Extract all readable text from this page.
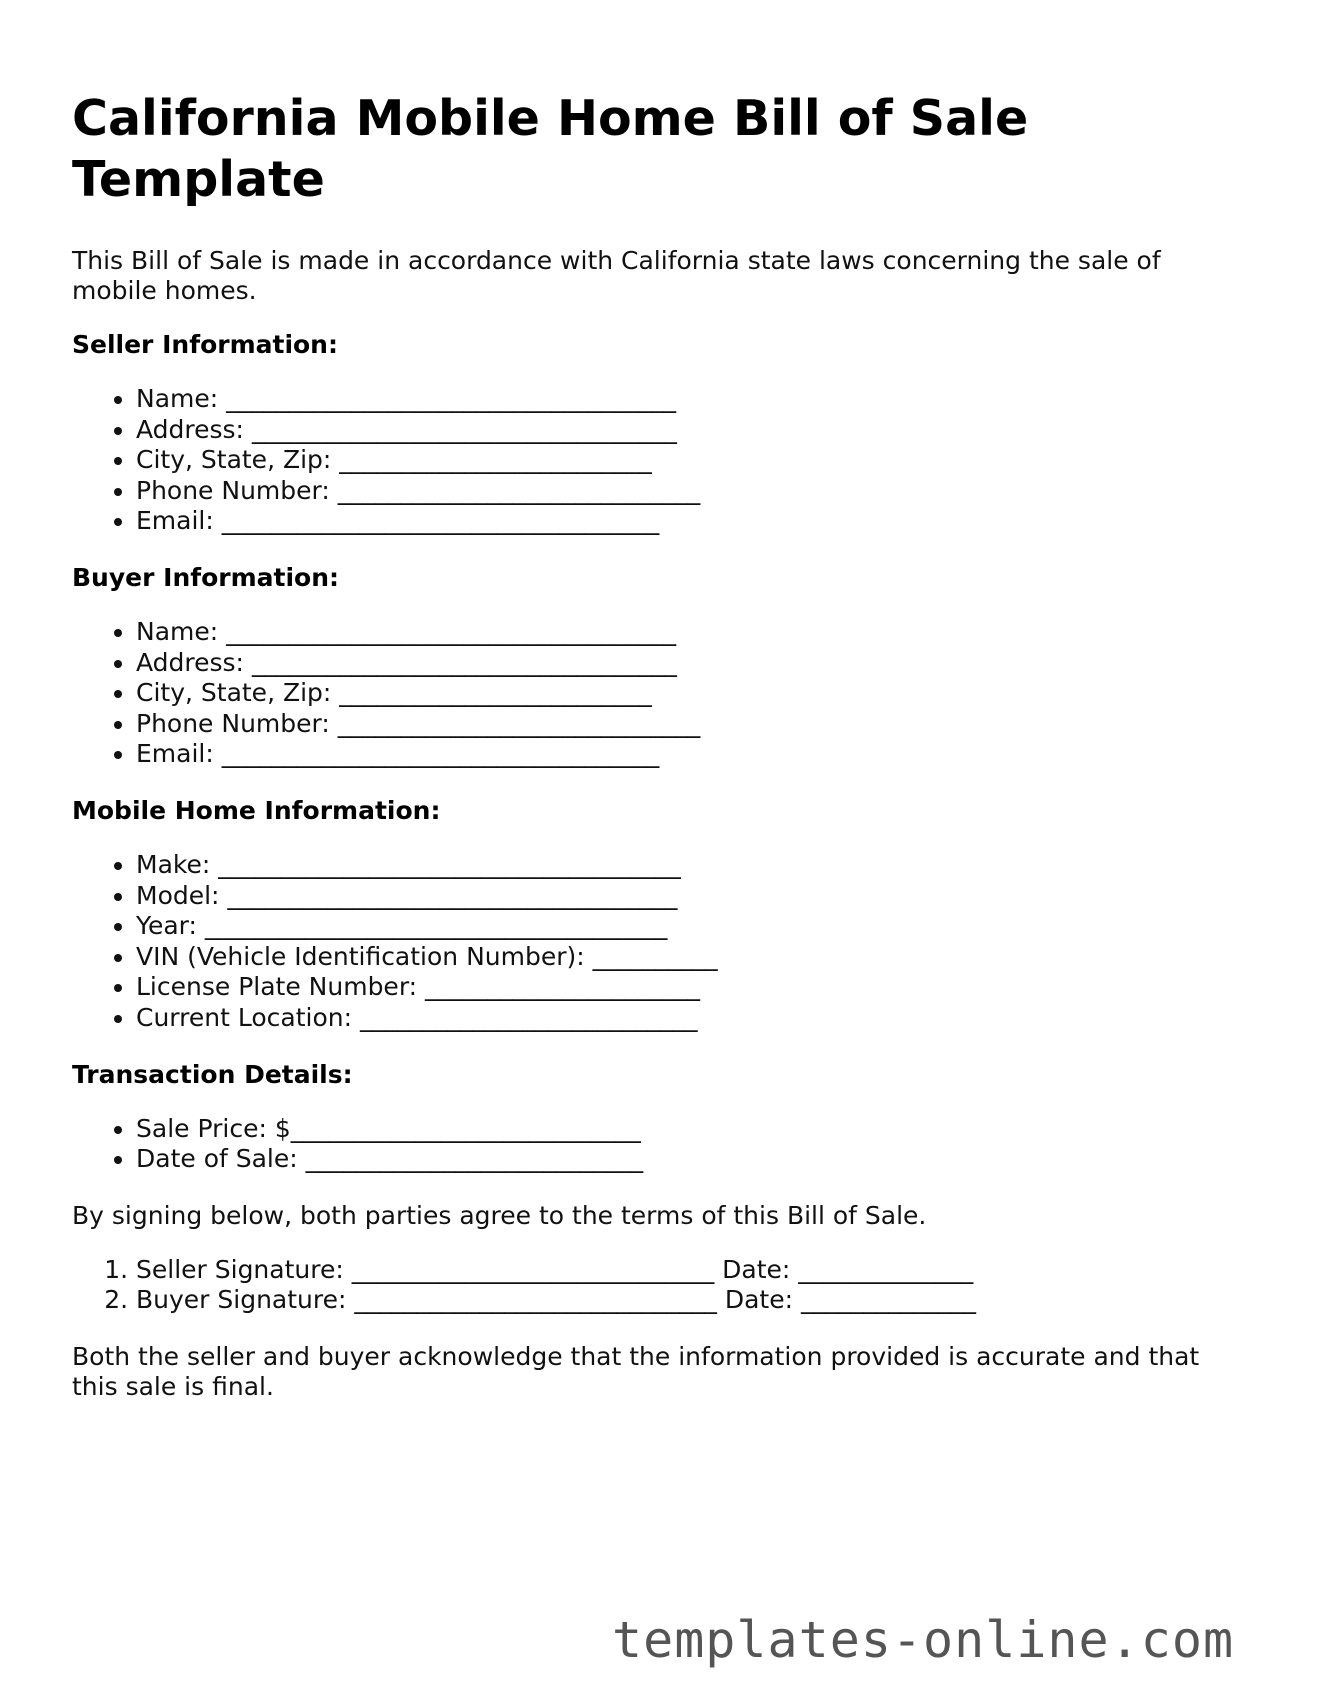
California Mobile Home Bill of Sale Template

This Bill of Sale is made in accordance with California state laws concerning the sale of mobile homes.

Seller Information:
• Name: ____________________________________
• Address: __________________________________
• City, State, Zip: _________________________
• Phone Number: _____________________________
• Email: ___________________________________
Buyer Information:
• Name: ____________________________________
• Address: __________________________________
• City, State, Zip: _________________________
• Phone Number: _____________________________
• Email: ___________________________________
Mobile Home Information:
• Make: _____________________________________
• Model: ____________________________________
• Year: _____________________________________
• VIN (Vehicle Identification Number): __________
• License Plate Number: ______________________
• Current Location: ___________________________
Transaction Details:
• Sale Price: $____________________________
• Date of Sale: ___________________________

By signing below, both parties agree to the terms of this Bill of Sale.

1. Seller Signature: _____________________________ Date: ______________
2. Buyer Signature: _____________________________ Date: ______________

Both the seller and buyer acknowledge that the information provided is accurate and that this sale is final.

templates-online.com
